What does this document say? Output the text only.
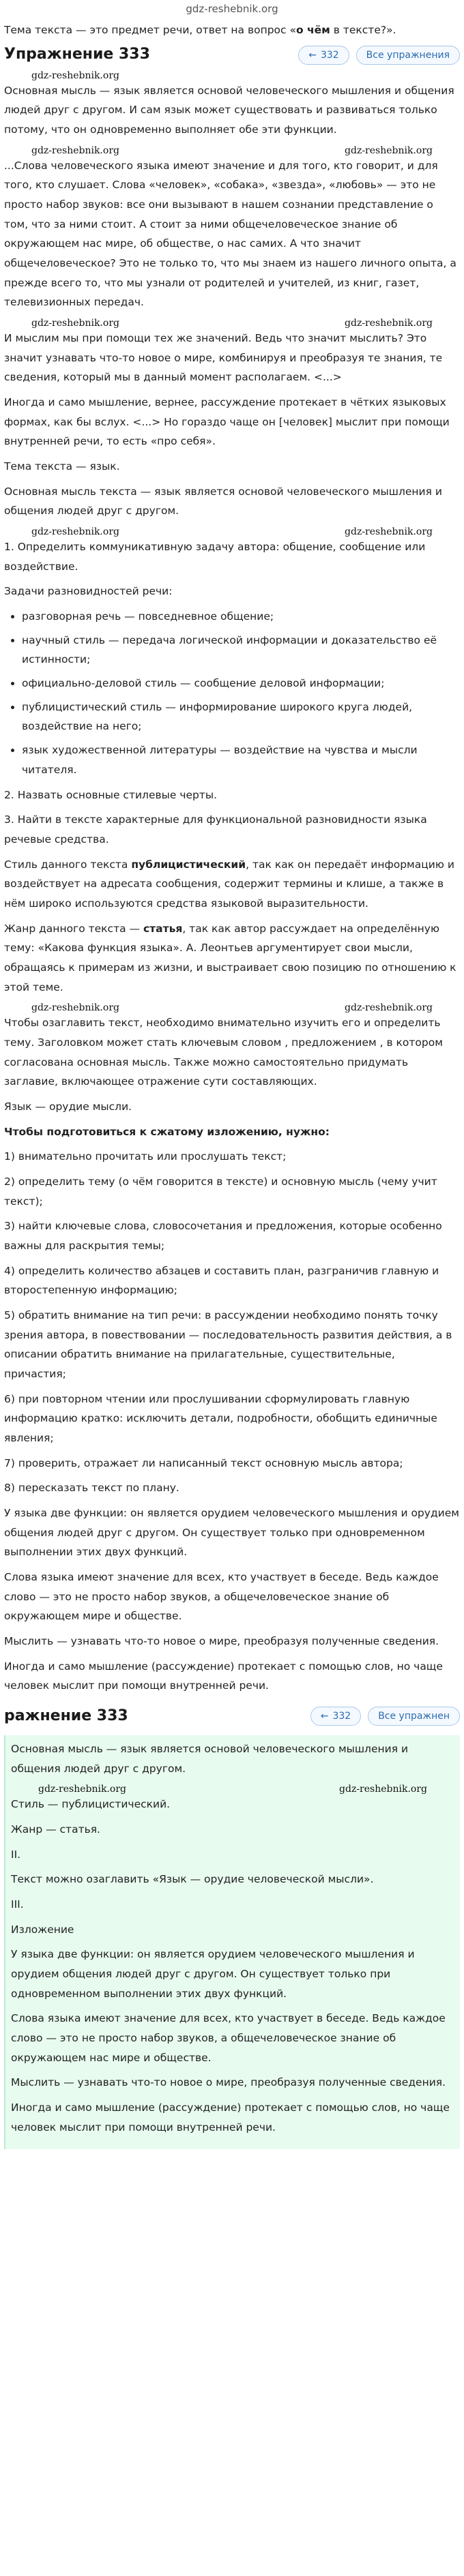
gdz-reshebnik.org

Тема текста — это предмет речи, ответ на вопрос «о чём в тексте?».

Упражнение 333	← 332	Все упражнения
gdz-reshebnik.org

Основная мысль — язык является основой человеческого мышления и общения людей друг с другом. И сам язык может существовать и развиваться только потому, что он одновременно выполняет обе эти функции.

gdz-reshebnik.org	gdz-reshebnik.org

...Слова человеческого языка имеют значение и для того, кто говорит, и для того, кто слушает. Слова «человек», «собака», «звезда», «любовь» — это не просто набор звуков: все они вызывают в нашем сознании представление о том, что за ними стоит. А стоит за ними общечеловеческое знание об окружающем нас мире, об обществе, о нас самих. А что значит общечеловеческое? Это не только то, что мы знаем из нашего личного опыта, а прежде всего то, что мы узнали от родителей и учителей, из книг, газет, телевизионных передач.

gdz-reshebnik.org	gdz-reshebnik.org

И мыслим мы при помощи тех же значений. Ведь что значит мыслить? Это значит узнавать что-то новое о мире, комбинируя и преобразуя те знания, те сведения, который мы в данный момент располагаем. <...>

Иногда и само мышление, вернее, рассуждение протекает в чётких языковых формах, как бы вслух. <...> Но гораздо чаще он [человек] мыслит при помощи внутренней речи, то есть «про себя».

Тема текста — язык.

Основная мысль текста — язык является основой человеческого мышления и общения людей друг с другом.

gdz-reshebnik.org	gdz-reshebnik.org

1. Определить коммуникативную задачу автора: общение, сообщение или воздействие.

Задачи разновидностей речи:

• разговорная речь — повседневное общение;
• научный стиль — передача логической информации и доказательство её истинности;
• официально-деловой стиль — сообщение деловой информации;
• публицистический стиль — информирование широкого круга людей, воздействие на него;
• язык художественной литературы — воздействие на чувства и мысли читателя.

2. Назвать основные стилевые черты.

3. Найти в тексте характерные для функциональной разновидности языка речевые средства.

Стиль данного текста публицистический, так как он передаёт информацию и воздействует на адресата сообщения, содержит термины и клише, а также в нём широко используются средства языковой выразительности.

Жанр данного текста — статья, так как автор рассуждает на определённую тему: «Какова функция языка». А. Леонтьев аргументирует свои мысли, обращаясь к примерам из жизни, и выстраивает свою позицию по отношению к этой теме.

gdz-reshebnik.org	gdz-reshebnik.org

Чтобы озаглавить текст, необходимо внимательно изучить его и определить тему. Заголовком может стать ключевым словом , предложением , в котором согласована основная мысль. Также можно самостоятельно придумать заглавие, включающее отражение сути составляющих.

Язык — орудие мысли.

Чтобы подготовиться к сжатому изложению, нужно:

1) внимательно прочитать или прослушать текст;

2) определить тему (о чём говорится в тексте) и основную мысль (чему учит текст);

3) найти ключевые слова, словосочетания и предложения, которые особенно важны для раскрытия темы;

4) определить количество абзацев и составить план, разграничив главную и второстепенную информацию;

5) обратить внимание на тип речи: в рассуждении необходимо понять точку зрения автора, в повествовании — последовательность развития действия, а в описании обратить внимание на прилагательные, существительные, причастия;

6) при повторном чтении или прослушивании сформулировать главную информацию кратко: исключить детали, подробности, обобщить единичные явления;

7) проверить, отражает ли написанный текст основную мысль автора;

8) пересказать текст по плану.

У языка две функции: он является орудием человеческого мышления и орудием общения людей друг с другом. Он существует только при одновременном выполнении этих двух функций.

Слова языка имеют значение для всех, кто участвует в беседе. Ведь каждое слово — это не просто набор звуков, а общечеловеческое знание об окружающем мире и обществе.

Мыслить — узнавать что-то новое о мире, преобразуя полученные сведения.

Иногда и само мышление (рассуждение) протекает с помощью слов, но чаще человек мыслит при помощи внутренней речи.

ражнение 333	← 332	Все упражнен

Основная мысль — язык является основой человеческого мышления и общения людей друг с другом.

gdz-reshebnik.org	gdz-reshebnik.org

Стиль — публицистический.

Жанр — статья.

II.

Текст можно озаглавить «Язык — орудие человеческой мысли».

III.

Изложение

У языка две функции: он является орудием человеческого мышления и орудием общения людей друг с другом. Он существует только при одновременном выполнении этих двух функций.

Слова языка имеют значение для всех, кто участвует в беседе. Ведь каждое слово — это не просто набор звуков, а общечеловеческое знание об окружающем нас мире и обществе.

Мыслить — узнавать что-то новое о мире, преобразуя полученные сведения.

Иногда и само мышление (рассуждение) протекает с помощью слов, но чаще человек мыслит при помощи внутренней речи.
